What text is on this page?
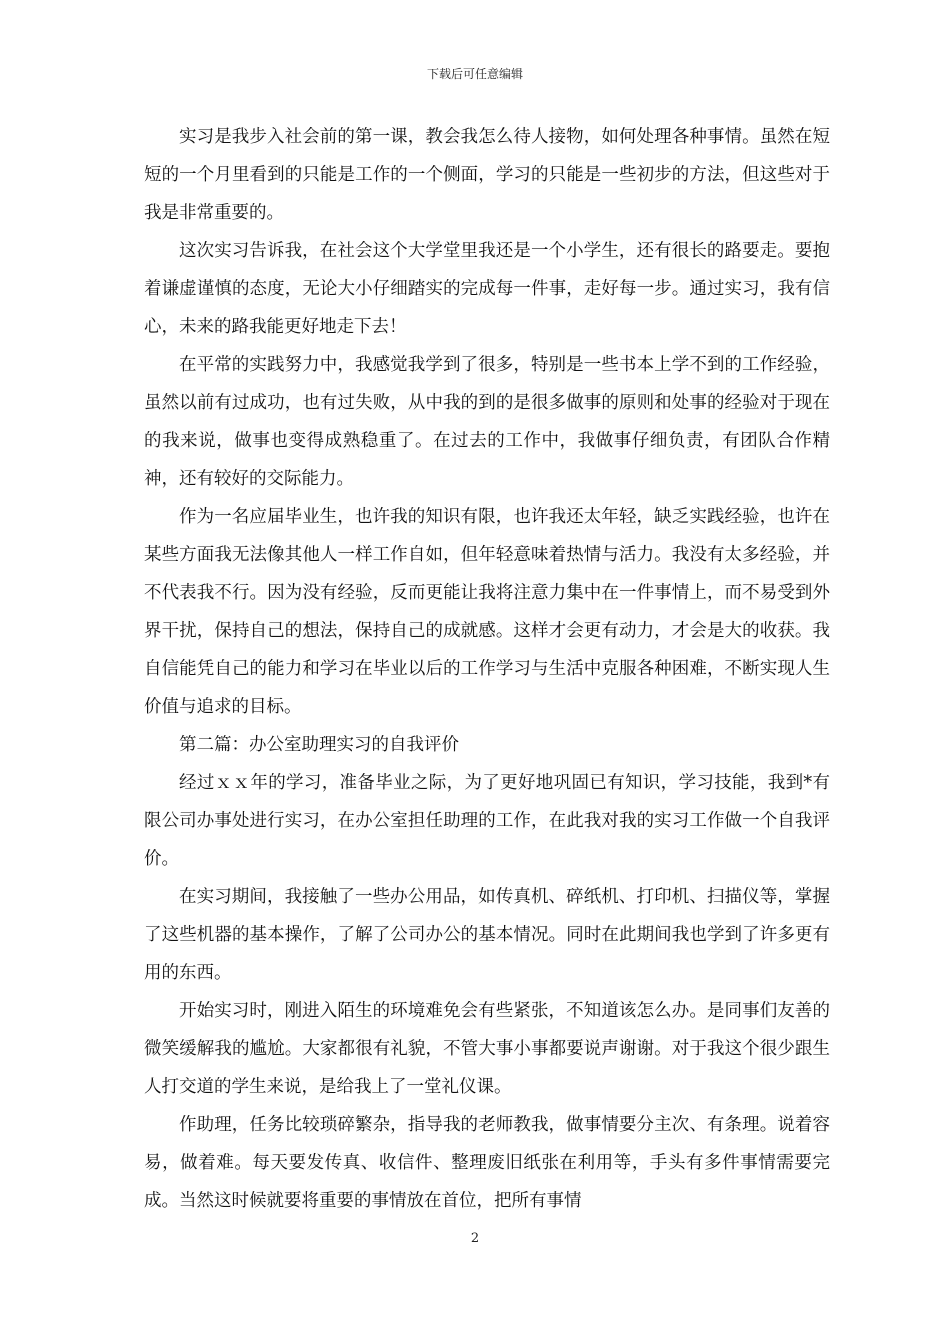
下载后可任意编辑

实习是我步入社会前的第一课，教会我怎么待人接物，如何处理各种事情。虽然在短短的一个月里看到的只能是工作的一个侧面，学习的只能是一些初步的方法，但这些对于我是非常重要的。

这次实习告诉我，在社会这个大学堂里我还是一个小学生，还有很长的路要走。要抱着谦虚谨慎的态度，无论大小仔细踏实的完成每一件事，走好每一步。通过实习，我有信心，未来的路我能更好地走下去！

在平常的实践努力中，我感觉我学到了很多，特别是一些书本上学不到的工作经验，虽然以前有过成功，也有过失败，从中我的到的是很多做事的原则和处事的经验对于现在的我来说，做事也变得成熟稳重了。在过去的工作中，我做事仔细负责，有团队合作精神，还有较好的交际能力。

作为一名应届毕业生，也许我的知识有限，也许我还太年轻，缺乏实践经验，也许在某些方面我无法像其他人一样工作自如，但年轻意味着热情与活力。我没有太多经验，并不代表我不行。因为没有经验，反而更能让我将注意力集中在一件事情上，而不易受到外界干扰，保持自己的想法，保持自己的成就感。这样才会更有动力，才会是大的收获。我自信能凭自己的能力和学习在毕业以后的工作学习与生活中克服各种困难，不断实现人生价值与追求的目标。

第二篇：办公室助理实习的自我评价

经过ｘｘ年的学习，准备毕业之际，为了更好地巩固已有知识，学习技能，我到*有限公司办事处进行实习，在办公室担任助理的工作，在此我对我的实习工作做一个自我评价。

在实习期间，我接触了一些办公用品，如传真机、碎纸机、打印机、扫描仪等，掌握了这些机器的基本操作，了解了公司办公的基本情况。同时在此期间我也学到了许多更有用的东西。

开始实习时，刚进入陌生的环境难免会有些紧张，不知道该怎么办。是同事们友善的微笑缓解我的尴尬。大家都很有礼貌，不管大事小事都要说声谢谢。对于我这个很少跟生人打交道的学生来说，是给我上了一堂礼仪课。

作助理，任务比较琐碎繁杂，指导我的老师教我，做事情要分主次、有条理。说着容易，做着难。每天要发传真、收信件、整理废旧纸张在利用等，手头有多件事情需要完成。当然这时候就要将重要的事情放在首位，把所有事情

2
